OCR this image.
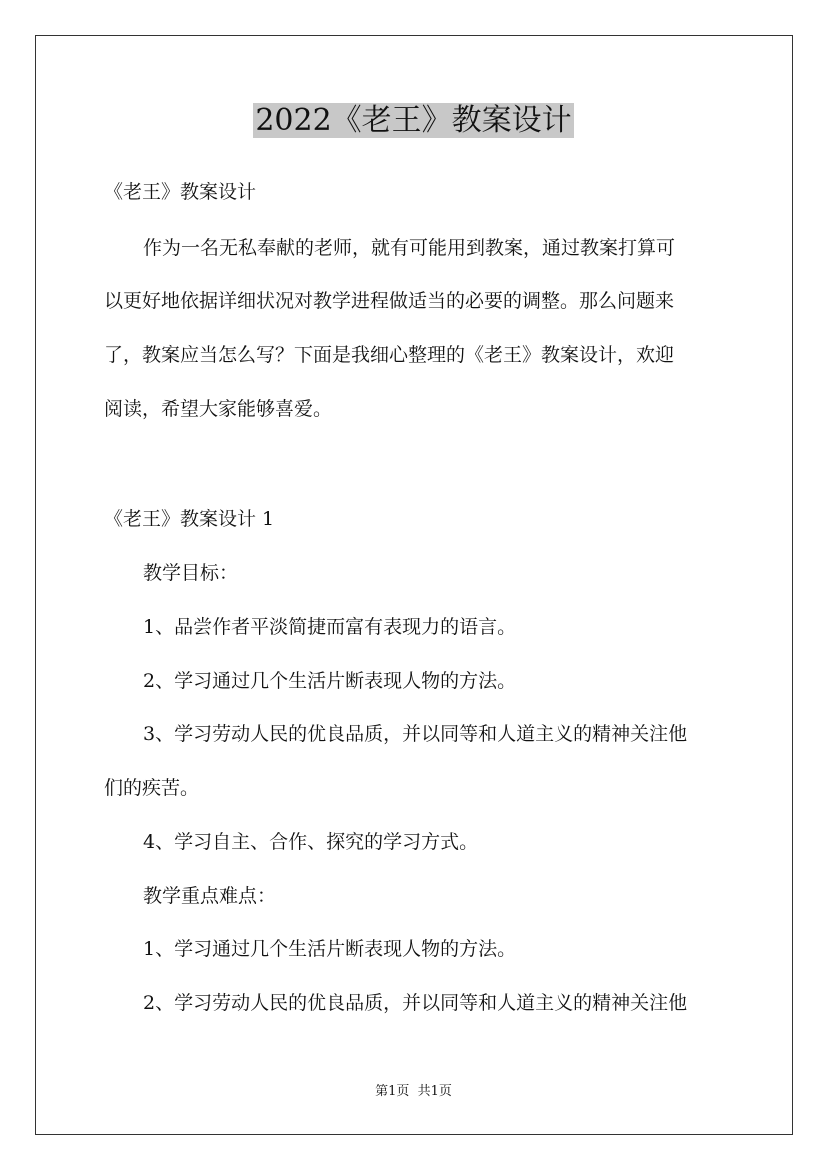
2022《老王》教案设计
《老王》教案设计
作为一名无私奉献的老师，就有可能用到教案，通过教案打算可
以更好地依据详细状况对教学进程做适当的必要的调整。那么问题来
了，教案应当怎么写？下面是我细心整理的《老王》教案设计，欢迎
阅读，希望大家能够喜爱。
《老王》教案设计 1
教学目标：
1、品尝作者平淡简捷而富有表现力的语言。
2、学习通过几个生活片断表现人物的方法。
3、学习劳动人民的优良品质，并以同等和人道主义的精神关注他
们的疾苦。
4、学习自主、合作、探究的学习方式。
教学重点难点：
1、学习通过几个生活片断表现人物的方法。
2、学习劳动人民的优良品质，并以同等和人道主义的精神关注他
第1页  共1页
